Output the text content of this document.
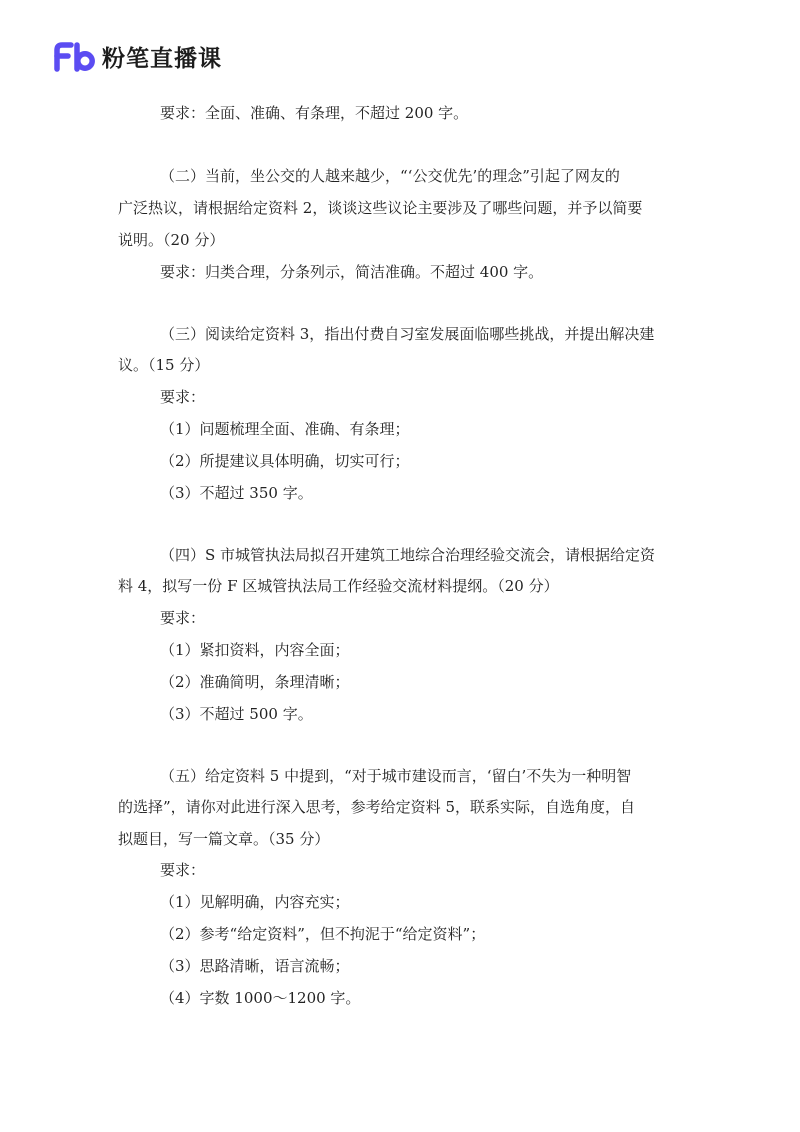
Fb
粉笔直播课

要求：全面、准确、有条理，不超过 200 字。

（二）当前，坐公交的人越来越少，“‘公交优先’的理念”引起了网友的

广泛热议，请根据给定资料 2，谈谈这些议论主要涉及了哪些问题，并予以简要

说明。（20 分）

要求：归类合理，分条列示，简洁准确。不超过 400 字。

（三）阅读给定资料 3，指出付费自习室发展面临哪些挑战，并提出解决建

议。（15 分）

要求：

（1）问题梳理全面、准确、有条理；

（2）所提建议具体明确，切实可行；

（3）不超过 350 字。

（四）S 市城管执法局拟召开建筑工地综合治理经验交流会，请根据给定资

料 4，拟写一份 F 区城管执法局工作经验交流材料提纲。（20 分）

要求：

（1）紧扣资料，内容全面；

（2）准确简明，条理清晰；

（3）不超过 500 字。

（五）给定资料 5 中提到，“对于城市建设而言，‘留白’不失为一种明智

的选择”，请你对此进行深入思考，参考给定资料 5，联系实际，自选角度，自

拟题目，写一篇文章。（35 分）

要求：

（1）见解明确，内容充实；

（2）参考“给定资料”，但不拘泥于“给定资料”；

（3）思路清晰，语言流畅；

（4）字数 1000～1200 字。
